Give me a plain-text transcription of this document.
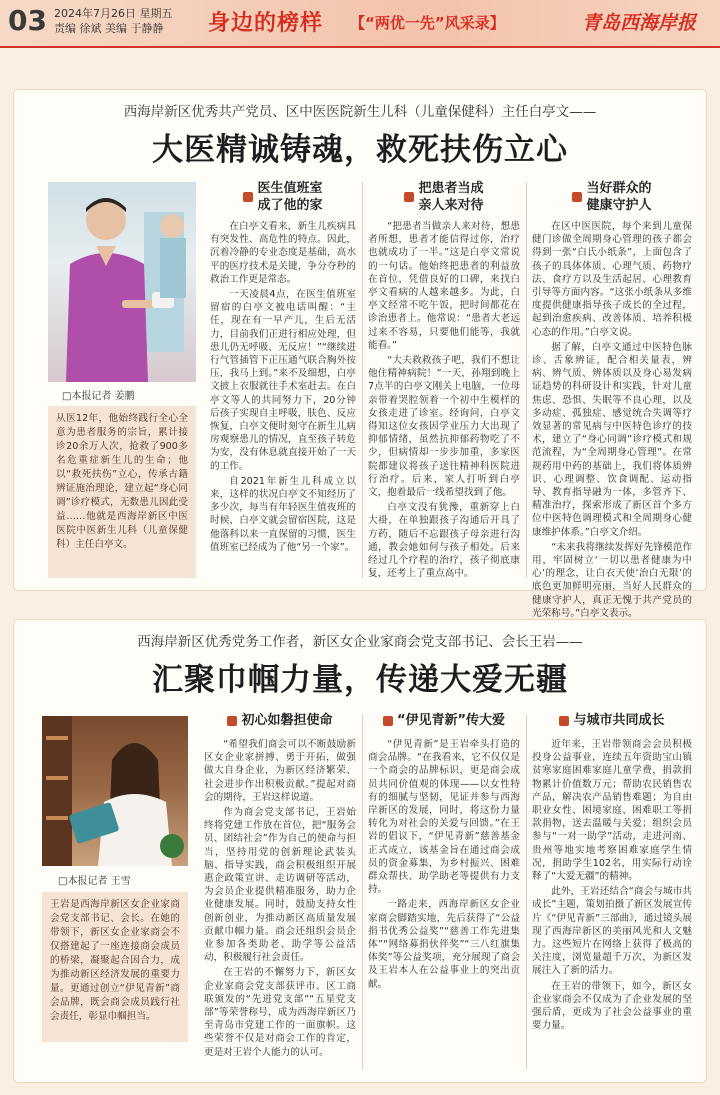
03 2024年7月26日 星期五
责编 徐斌 美编 于静静	身边的榜样 【“两优一先”风采录】	青岛西海岸报
西海岸新区优秀共产党员、区中医医院新生儿科（儿童保健科）主任白亭文——
大医精诚铸魂，救死扶伤立心
□本报记者 姜鹏
从医12年，他始终践行全心全意为患者服务的宗旨，累计接诊20余万人次，抢救了900多名危重症新生儿的生命；他以“救死扶伤”立心，传承古籍辨证施治理论，建立起“身心同调”诊疗模式，无数患儿因此受益……他就是西海岸新区中医医院中医新生儿科（儿童保健科）主任白亭文。
医生值班室
成了他的家

在白亭文看来，新生儿疾病具有突发性、高危性的特点。因此，沉着冷静的专业态度是基础，高水平的医疗技术是关键，争分夺秒的救治工作更是常态。

一天凌晨4点，在医生值班室留宿的白亭文被电话叫醒：“主任，现在有一早产儿，生后无活力，目前我们正进行相应处理，但患儿仍无呼吸、无反应！”“继续进行气管插管下正压通气联合胸外按压，我马上到。”来不及细想，白亭文披上衣服就往手术室赶去。在白亭文等人的共同努力下，20分钟后孩子实现自主呼吸，肤色、反应恢复，白亭文便时刻守在新生儿病房观察患儿的情况，直至孩子转危为安，没有休息就直接开始了一天的工作。

自2021年新生儿科成立以来，这样的状况白亭文不知经历了多少次，每当有年轻医生值夜班的时候，白亭文就会留宿医院，这是他落科以来一直保留的习惯，医生值班室已经成为了他“另一个家”。

把患者当成
亲人来对待

“把患者当做亲人来对待，想患者所想，患者才能信得过你，治疗也就成功了一半。”这是白亭文常说的一句话。他始终把患者的利益放在首位，凭借良好的口碑，来找白亭文看病的人越来越多。为此，白亭文经常不吃午饭，把时间都花在诊治患者上。他常说：“患者大老远过来不容易，只要他们能等，我就能看。”

“大夫救救孩子吧，我们不想让他住精神病院！”一天，孙翔到晚上7点半的白亭文刚关上电脑，一位母亲带着哭腔领着一个初中生模样的女孩走进了诊室。经询问，白亭文得知这位女孩因学业压力大出现了抑郁情绪，虽然抗抑郁药物吃了不少，但病情却一步步加重，多家医院都建议将孩子送往精神科医院进行治疗。后来，家人打听到白亭文，抱着最后一线希望找到了他。

白亭文没有犹豫，重新穿上白大褂，在单独跟孩子沟通后开具了方药，随后不忘跟孩子母亲进行沟通，教会她如何与孩子相处。后来经过几个疗程的治疗，孩子彻底康复，还考上了重点高中。

当好群众的
健康守护人

在区中医医院，每个来到儿童保健门诊做全周期身心管理的孩子都会得到一张“白氏小纸条”，上面包含了孩子的具体体质、心理气质、药物疗法、食疗方以及生活起居、心理教育引导等方面内容。“这张小纸条从多维度提供健康指导孩子成长的全过程，起到治愈疾病、改善体质、培养积极心态的作用。”白亭文说。

据了解，白亭文通过中医特色脉诊、舌象辨证，配合相关量表，辨病、辨气质、辨体质以及身心易发病证趋势的科研设计和实践，针对儿童焦虑、恐惧、失眠等不良心理，以及多动症、孤独症、感觉统合失调等疗效显著的常见病与中医特色诊疗的技术，建立了“身心同调”诊疗模式和规范流程，为“全周期身心管理”。在常规药用中药的基础上，我们将体质辨识、心理调整、饮食调配、运动指导、教育指导融为一体，多管齐下、精准治疗，探索形成了新区首个多方位中医特色调理模式和全周期身心健康维护体系。”白亭文介绍。

“未来我将继续发挥好先锋模范作用，牢固树立‘一切以患者健康为中心’的理念，让白衣天使‘治白无限’的底色更加鲜明亮丽，当好人民群众的健康守护人，真正无愧于共产党员的光荣称号。”白亭文表示。

西海岸新区优秀党务工作者，新区女企业家商会党支部书记、会长王岩——
汇聚巾帼力量，传递大爱无疆
□本报记者 王雪
王岩是西海岸新区女企业家商会党支部书记、会长。在她的带领下，新区女企业家商会不仅搭建起了一座连接商会成员的桥梁，凝聚起合因合力，成为推动新区经济发展的重要力量。更通过创立“伊见青新”商会品牌，既会商会成员践行社会责任，彰显巾帼担当。
初心如磐担使命

“希望我们商会可以不断鼓励新区女企业家拼搏、勇于开拓，做强做大自身企业，为新区经济繁荣、社会进步作出积极贡献。”提起对商会的期待，王岩这样说道。

作为商会党支部书记，王岩始终将党建工作放在首位，把“服务会员、团结社会”作为自己的使命与担当，坚持用党的创新理论武装头脑、指导实践，商会积极组织开展惠企政策宣讲、走访调研等活动，为会员企业提供精准服务，助力企业健康发展。同时，鼓励支持女性创新创业，为推动新区高质量发展贡献巾帼力量。商会还组织会员企业参加各类助老、助学等公益活动，积极履行社会责任。

在王岩的不懈努力下，新区女企业家商会党支部获评市、区工商联颁发的“先进党支部”“五星党支部”等荣誉称号，成为西海岸新区乃至青岛市党建工作的一面旗帜。这些荣誉不仅是对商会工作的肯定，更是对王岩个人能力的认可。

“伊见青新”传大爱

“伊见青新”是王岩牵头打造的商会品牌。“在我看来，它不仅仅是一个商会的品牌标识，更是商会成员共同价值观的体现——以女性特有的细腻与坚韧，见证并参与西海岸新区的发展，同时，将这份力量转化为对社会的关爱与回馈。”在王岩的倡议下，“伊见青新”慈善基金正式成立，该基金旨在通过商会成员的资金募集，为乡村振兴、困难群众帮扶、助学助老等提供有力支持。

一路走来，西海岸新区女企业家商会脚踏实地，先后获得了“公益捐书优秀公益奖”“慈善工作先进集体”“网络募捐伙伴奖”“三八红旗集体奖”等公益奖项，充分展现了商会及王岩本人在公益事业上的突出贡献。

与城市共同成长

近年来，王岩带领商会会员积极投身公益事业，连续五年资助宝山镇贫寒家庭困难家庭儿童学费，捐款捐物累计价值数万元；帮助农民销售农产品，解决农产品销售难题；为自由职业女性、困境家庭、困难职工等捐款捐物，送去温暖与关爱；组织会员参与“一对一助学”活动，走进河南、贵州等地实地考察困难家庭学生情况，捐助学生102名，用实际行动诠释了“大爱无疆”的精神。

此外，王岩还结合“商会与城市共成长”主题，策划拍摄了新区发展宣传片《“伊见青新”三部曲》，通过镜头展现了西海岸新区的美丽风光和人文魅力。这些短片在网络上获得了极高的关注度，浏览量超千万次，为新区发展注入了新的活力。

在王岩的带领下，如今，新区女企业家商会不仅成为了企业发展的坚强后盾，更成为了社会公益事业的重要力量。
